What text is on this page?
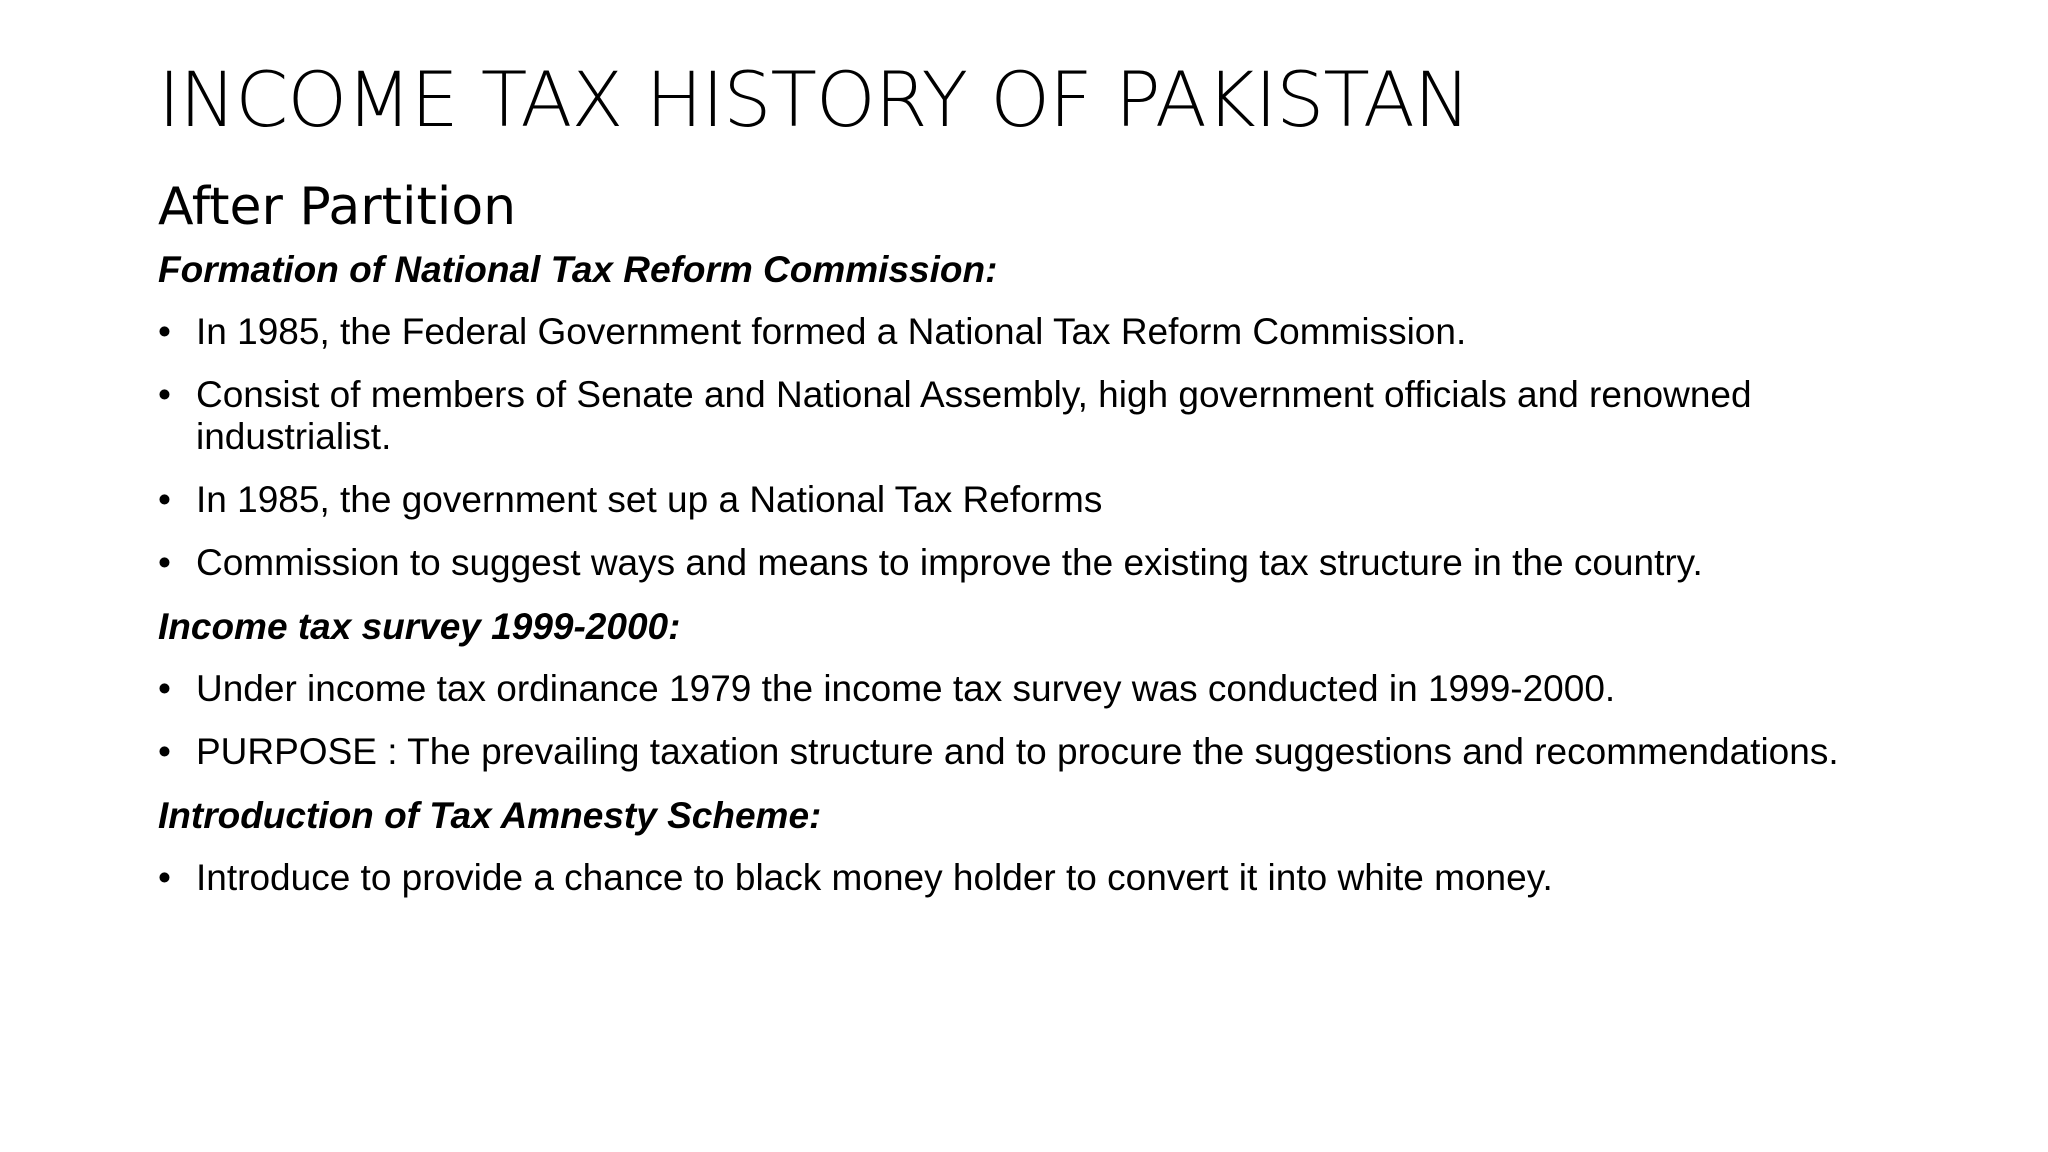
INCOME TAX HISTORY OF PAKISTAN
After Partition
Formation of National Tax Reform Commission:
• In 1985, the Federal Government formed a National Tax Reform Commission.
• Consist of members of Senate and National Assembly, high government officials and renowned industrialist.
• In 1985, the government set up a National Tax Reforms
• Commission to suggest ways and means to improve the existing tax structure in the country.
Income tax survey 1999-2000:
• Under income tax ordinance 1979 the income tax survey was conducted in 1999-2000.
• PURPOSE : The prevailing taxation structure and to procure the suggestions and recommendations.
Introduction of Tax Amnesty Scheme:
• Introduce to provide a chance to black money holder to convert it into white money.
